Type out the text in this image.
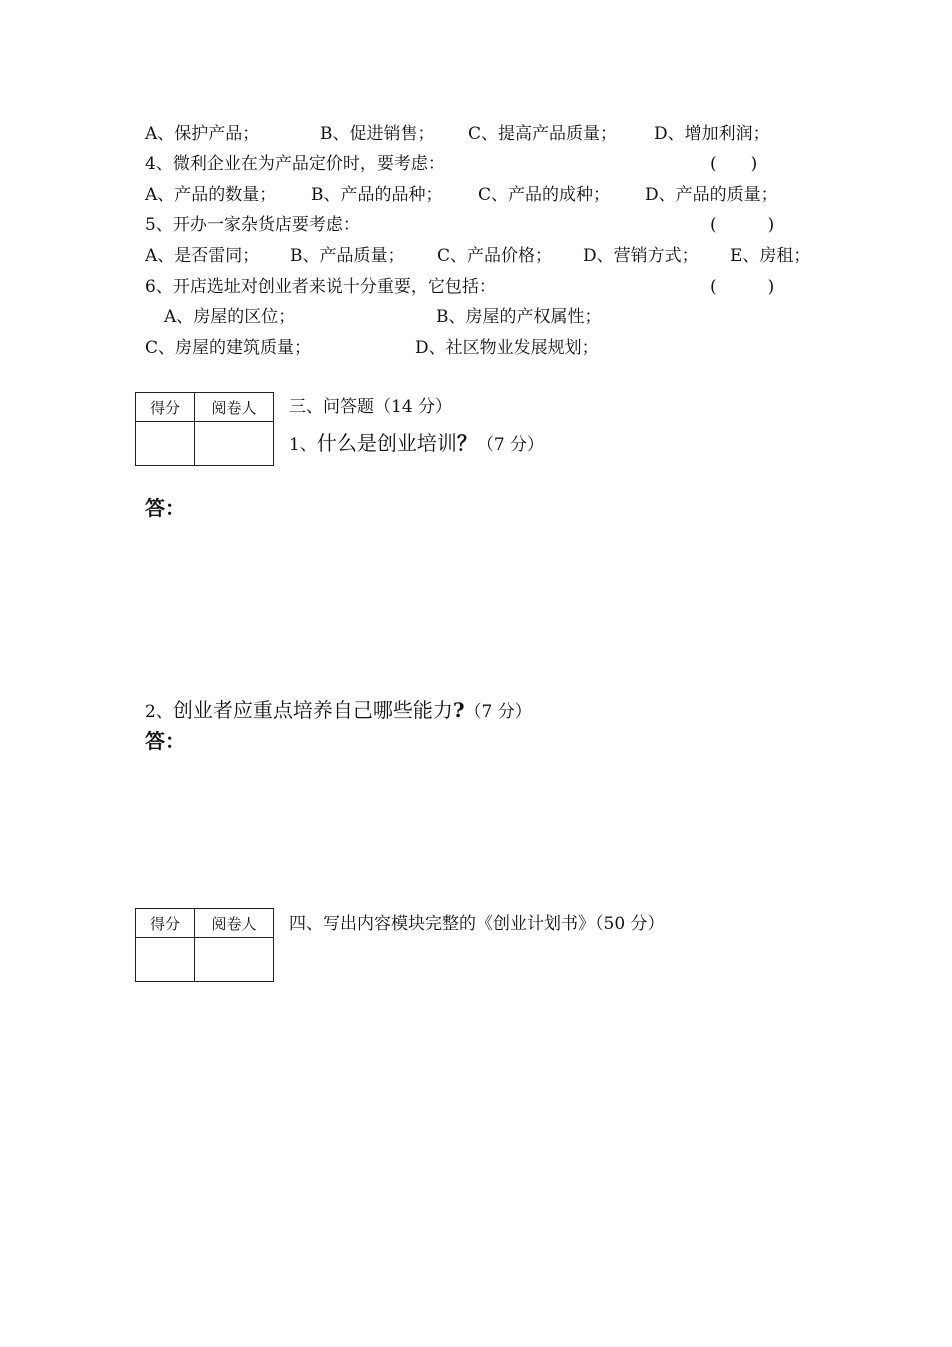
A、保护产品；	B、促进销售； C、提高产品质量； D、增加利润；
4、微利企业在为产品定价时，要考虑：	(　　)
A、产品的数量； B、产品的品种； C、产品的成种； D、产品的质量；
5、开办一家杂货店要考虑：	(　　　)
A、是否雷同； B、产品质量； C、产品价格； D、营销方式； E、房租；
6、开店选址对创业者来说十分重要，它包括：	(　　　)
A、房屋的区位；	B、房屋的产权属性；
C、房屋的建筑质量；	D、社区物业发展规划；
得分	阅卷人
	三、问答题（14 分）
1、什么是创业培训？（7 分）
答：
2、创业者应重点培养自己哪些能力?（7 分）
答：
得分	阅卷人
	四、写出内容模块完整的《创业计划书》（50 分）
